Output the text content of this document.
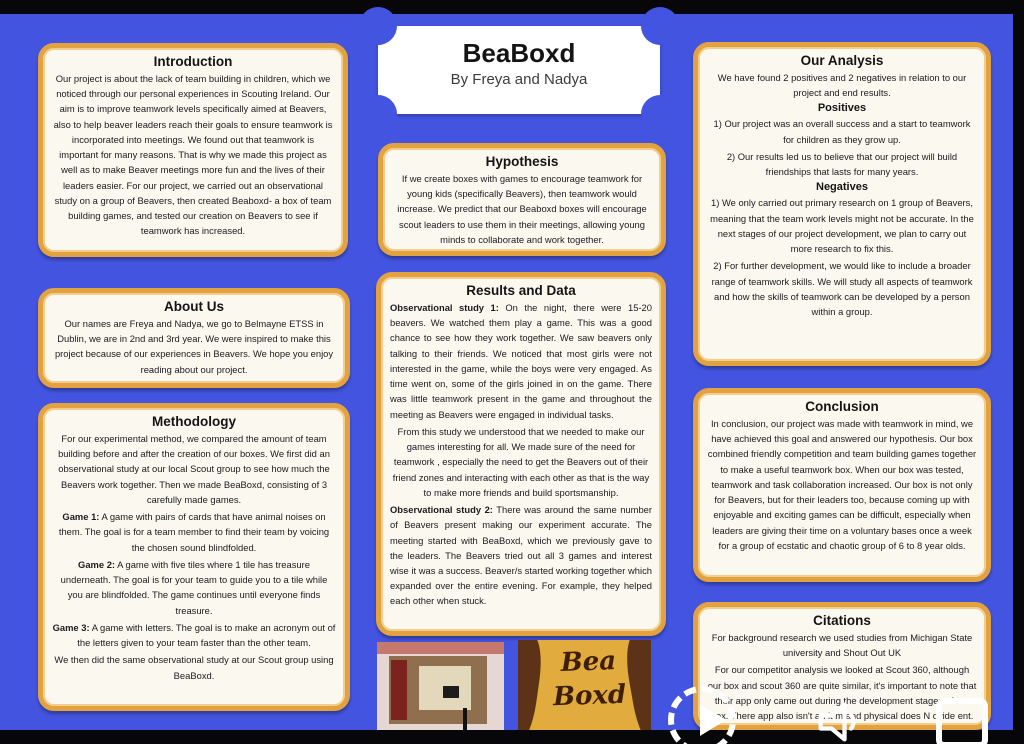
BeaBoxd
By Freya and Nadya
Introduction

Our project is about the lack of team building in children, which we noticed through our personal experiences in Scouting Ireland. Our aim is to improve teamwork levels specifically aimed at Beavers, also to help beaver leaders reach their goals to ensure teamwork is incorporated into meetings. We found out that teamwork is important for many reasons. That is why we made this project as well as to make Beaver meetings more fun and the lives of their leaders easier. For our project, we carried out an observational study on a group of Beavers, then created Beaboxd- a box of team building games, and tested our creation on Beavers to see if teamwork has increased.

About Us

Our names are Freya and Nadya, we go to Belmayne ETSS in Dublin, we are in 2nd and 3rd year. We were inspired to make this project because of our experiences in Beavers. We hope you enjoy reading about our project.

Methodology

For our experimental method, we compared the amount of team building before and after the creation of our boxes. We first did an observational study at our local Scout group to see how much the Beavers work together. Then we made BeaBoxd, consisting of 3 carefully made games.

Game 1: A game with pairs of cards that have animal noises on them. The goal is for a team member to find their team by voicing the chosen sound blindfolded.

Game 2: A game with five tiles where 1 tile has treasure underneath. The goal is for your team to guide you to a tile while you are blindfolded. The game continues until everyone finds treasure.

Game 3: A game with letters. The goal is to make an acronym out of the letters given to your team faster than the other team.

We then did the same observational study at our Scout group using BeaBoxd.

Hypothesis

If we create boxes with games to encourage teamwork for young kids (specifically Beavers), then teamwork would increase. We predict that our Beaboxd boxes will encourage scout leaders to use them in their meetings, allowing young minds to collaborate and work together.

Results and Data

Observational study 1: On the night, there were 15-20 beavers. We watched them play a game. This was a good chance to see how they work together. We saw beavers only talking to their friends. We noticed that most girls were not interested in the game, while the boys were very engaged. As time went on, some of the girls joined in on the game. There was little teamwork present in the game and throughout the meeting as Beavers were engaged in individual tasks.

From this study we understood that we needed to make our games interesting for all. We made sure of the need for teamwork , especially the need to get the Beavers out of their friend zones and interacting with each other as that is the way to make more friends and build sportsmanship.

Observational study 2: There was around the same number of Beavers present making our experiment accurate. The meeting started with BeaBoxd, which we previously gave to the leaders. The Beavers tried out all 3 games and interest wise it was a success. Beaver/s started working together which expanded over the entire evening. For example, they helped each other when stuck.

Bea Boxd
Our Analysis

We have found 2 positives and 2 negatives in relation to our project and end results.

Positives

1) Our project was an overall success and a start to teamwork for children as they grow up.

2) Our results led us to believe that our project will build friendships that lasts for many years.

Negatives

1) We only carried out primary research on 1 group of Beavers, meaning that the team work levels might not be accurate. In the next stages of our project development, we plan to carry out more research to fix this.

2) For further development, we would like to include a broader range of teamwork skills. We will study all aspects of teamwork and how the skills of teamwork can be developed by a person within a group.

Conclusion

In conclusion, our project was made with teamwork in mind, we have achieved this goal and answered our hypothesis. Our box combined friendly competition and team building games together to make a useful teamwork box. When our box was tested, teamwork and task collaboration increased. Our box is not only for Beavers, but for their leaders too, because coming up with enjoyable and exciting games can be difficult, especially when leaders are giving their time on a voluntary bases once a week for a group of ecstatic and chaotic group of 6 to 8 year olds.

Citations

For background research we used studies from Michigan State university and Shout Out UK

For our competitor analysis we looked at Scout 360, although our box and scout 360 are quite similar, it's important to note that their app only came out during the development stages of out box. There app also isn't an it m and physical does N ovide ent.
